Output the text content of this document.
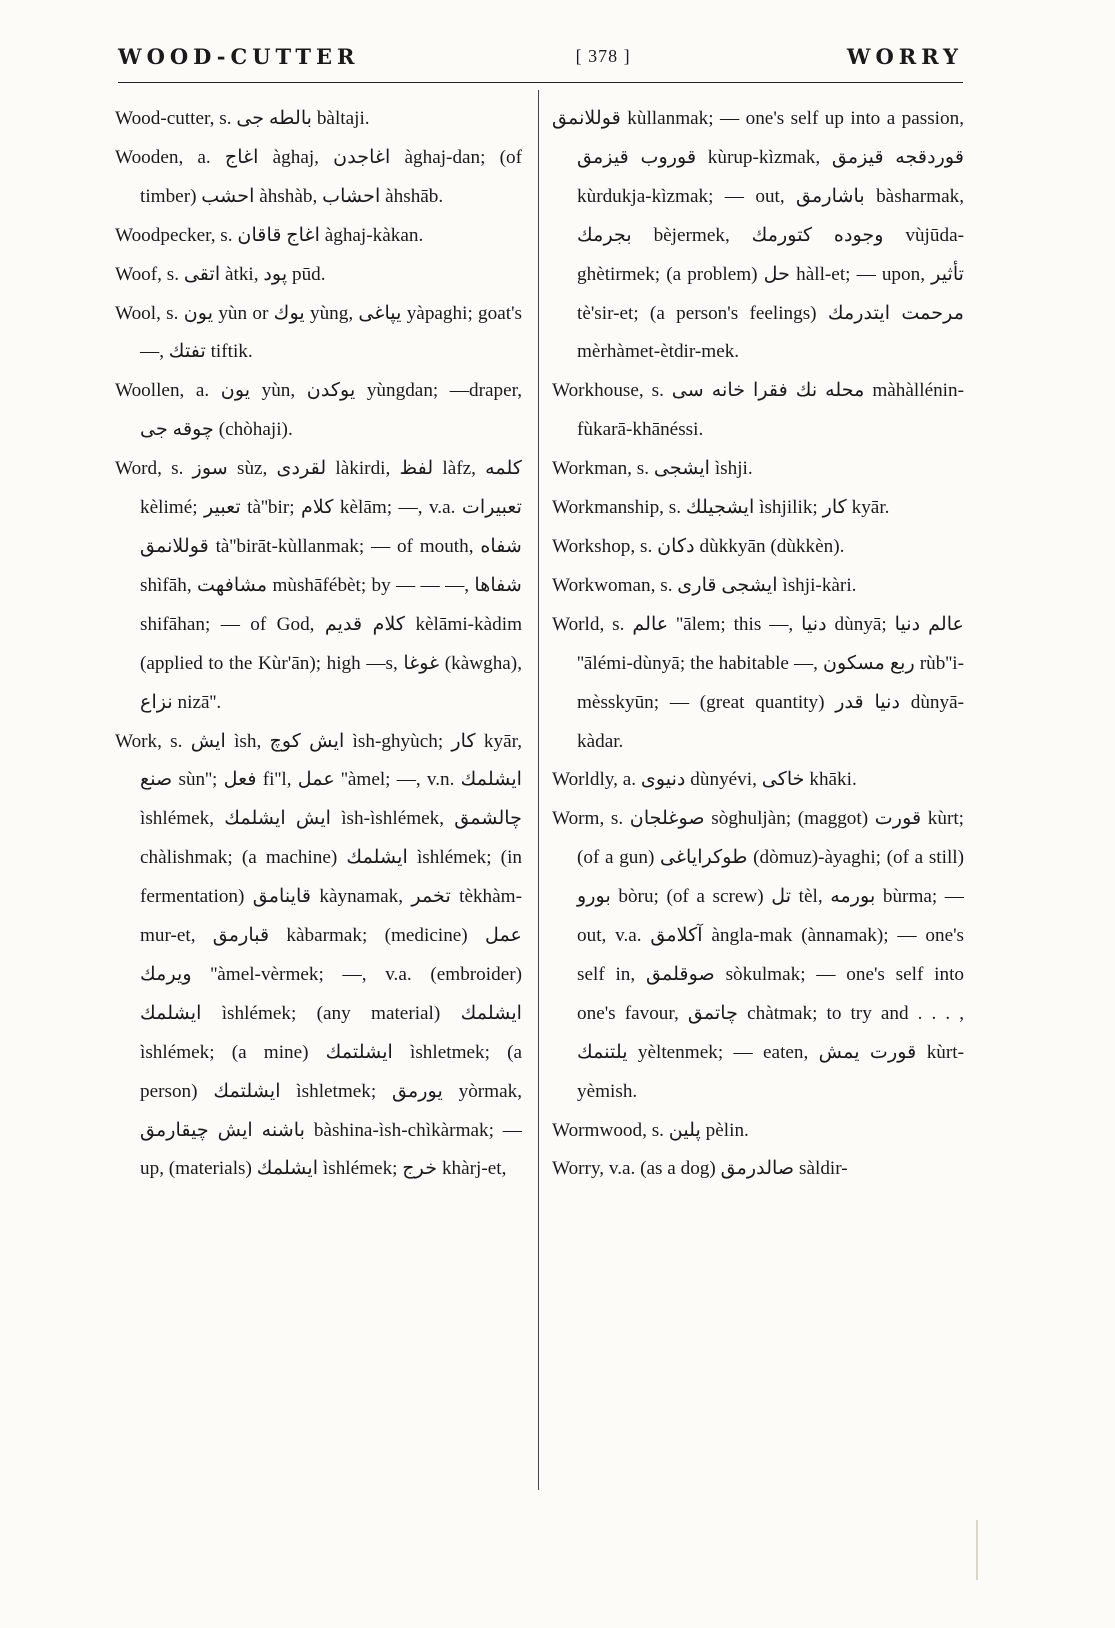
WOOD-CUTTER	[ 378 ]	WORRY

Wood-cutter, s. بالطه جی bàltaji.

Wooden, a. اغاج àghaj, اغاجدن àghaj-dan; (of timber) احشب àhshàb, احشاب àhshāb.

Woodpecker, s. اغاج قاقان àghaj-kàkan.

Woof, s. اتقی àtki, پود pūd.

Wool, s. یون yùn or یوك yùng, یپاغی yàpaghi; goat's —, تفتك tiftik.

Woollen, a. یون yùn, یوكدن yùngdan; —draper, چوقه جی (chòhaji).

Word, s. سوز sùz, لقردی làkirdi, لفظ làfz, كلمه kèlimé; تعبیر tà''bir; كلام kèlām; —, v.a. تعبیرات قوللانمق tà''birāt-kùllanmak; — of mouth, شفاه shìfāh, مشافهت mùshāfébèt; by — — —, شفاها shifāhan; — of God, كلام قدیم kèlāmi-kàdim (applied to the Kùr'ān); high —s, غوغا (kàwgha), نزاع nizā''.

Work, s. ایش ìsh, ایش كوچ ìsh-ghyùch; كار kyār, صنع sùn''; فعل fi''l, عمل ''àmel; —, v.n. ایشلمك ìshlémek, ایش ایشلمك ìsh-ìshlémek, چالشمق chàlishmak; (a machine) ایشلمك ìshlémek; (in fermentation) قاینامق kàynamak, تخمر tèkhàm-mur-et, قبارمق kàbarmak; (medicine) عمل ویرمك ''àmel-vèrmek; —, v.a. (embroider) ایشلمك ìshlémek; (any material) ایشلمك ìshlémek; (a mine) ایشلتمك ìshletmek; (a person) ایشلتمك ìshletmek; یورمق yòrmak, باشنه ایش چیقارمق bàshina-ìsh-chìkàrmak; — up, (materials) ایشلمك ìshlémek; خرج khàrj-et,

قوللانمق kùllanmak; — one's self up into a passion, قوروب قیزمق kùrup-kìzmak, قوردقجه قیزمق kùrdukja-kìzmak; — out, باشارمق bàsharmak, بجرمك bèjermek, وجوده كتورمك vùjūda-ghètirmek; (a problem) حل hàll-et; — upon, تأثیر tè'sir-et; (a person's feelings) مرحمت ایتدرمك mèrhàmet-ètdir-mek.

Workhouse, s. محله نك فقرا خانه سی màhàllénin-fùkarā-khānéssi.

Workman, s. ایشجی ìshji.

Workmanship, s. ایشجیلك ìshjilik; كار kyār.

Workshop, s. دكان dùkkyān (dùkkèn).

Workwoman, s. ایشجی قاری ìshji-kàri.

World, s. عالم ''ālem; this —, دنیا dùnyā; عالم دنیا ''ālémi-dùnyā; the habitable —, ربع مسكون rùb''i-mèsskyūn; — (great quantity) دنیا قدر dùnyā-kàdar.

Worldly, a. دنیوی dùnyévi, خاكی khāki.

Worm, s. صوغلجان sòghuljàn; (maggot) قورت kùrt; (of a gun) طوكرایاغی (dòmuz)-àyaghi; (of a still) بورو bòru; (of a screw) تل tèl, بورمه bùrma; — out, v.a. آكلامق àngla-mak (ànnamak); — one's self in, صوقلمق sòkulmak; — one's self into one's favour, چاتمق chàtmak; to try and . . . , یلتنمك yèltenmek; — eaten, قورت یمش kùrt-yèmish.

Wormwood, s. پلین pèlin.

Worry, v.a. (as a dog) صالدرمق sàldir-
